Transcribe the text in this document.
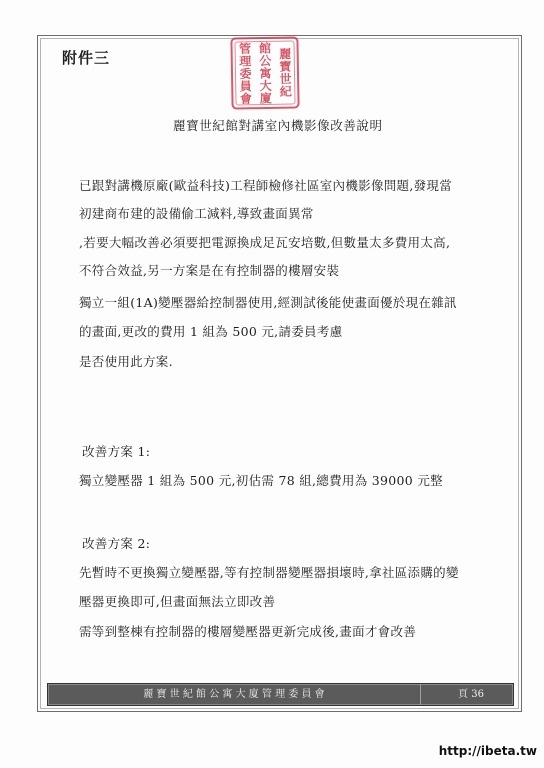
附件三	麗寶世紀
館公寓大廈
管理委員會
麗寶世紀館對講室內機影像改善說明
已跟對講機原廠(歐益科技)工程師檢修社區室內機影像問題,發現當
初建商布建的設備偷工減料,導致畫面異常
,若要大幅改善必須要把電源換成足瓦安培數,但數量太多費用太高,
不符合效益,另一方案是在有控制器的樓層安裝
獨立一組(1A)變壓器給控制器使用,經測試後能使畫面優於現在雜訊
的畫面,更改的費用 1 組為 500 元,請委員考慮
是否使用此方案.
改善方案 1:
獨立變壓器 1 組為 500 元,初估需 78 組,總費用為 39000 元整
改善方案 2:
先暫時不更換獨立變壓器,等有控制器變壓器損壞時,拿社區添購的變
壓器更換即可,但畫面無法立即改善
需等到整棟有控制器的樓層變壓器更新完成後,畫面才會改善
麗 寶 世 紀 館 公 寓 大 廈 管 理 委 員 會	頁 36
http://ibeta.tw
